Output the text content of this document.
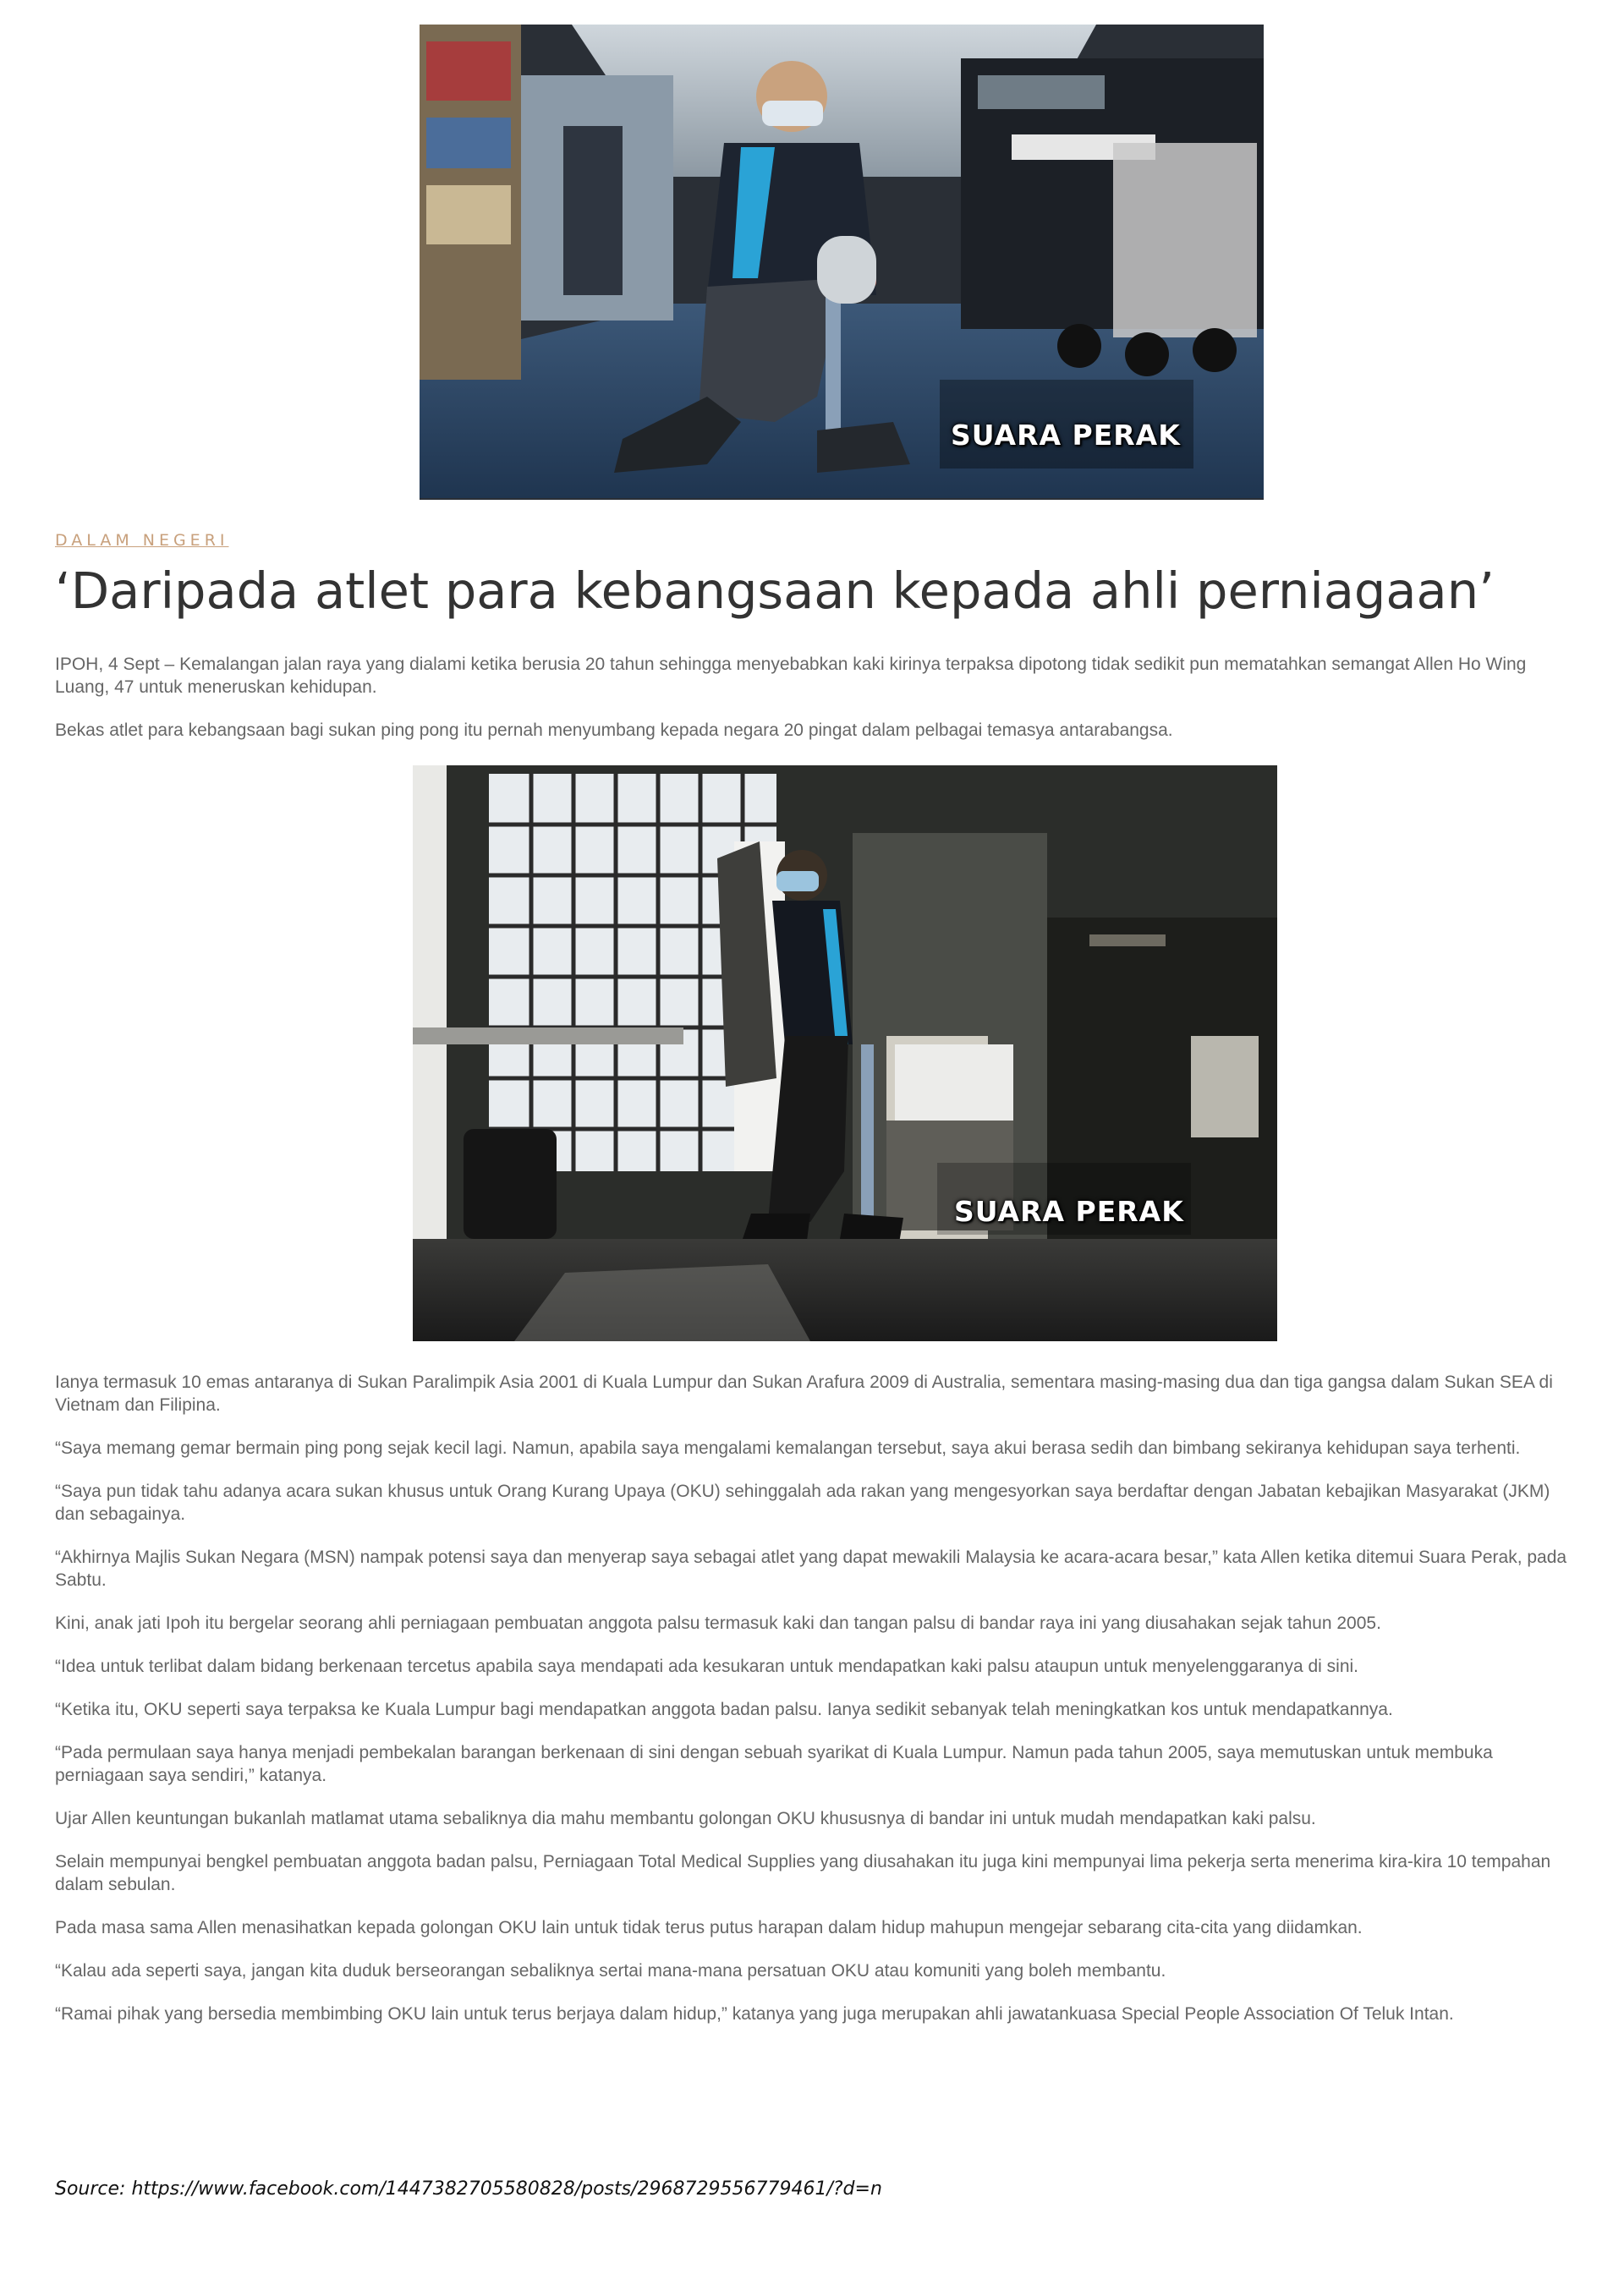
SUARA PERAK
DALAM NEGERI
‘Daripada atlet para kebangsaan kepada ahli perniagaan’

IPOH, 4 Sept – Kemalangan jalan raya yang dialami ketika berusia 20 tahun sehingga menyebabkan kaki kirinya terpaksa dipotong tidak sedikit pun mematahkan semangat Allen Ho Wing Luang, 47 untuk meneruskan kehidupan.

Bekas atlet para kebangsaan bagi sukan ping pong itu pernah menyumbang kepada negara 20 pingat dalam pelbagai temasya antarabangsa.

SUARA PERAK

Ianya termasuk 10 emas antaranya di Sukan Paralimpik Asia 2001 di Kuala Lumpur dan Sukan Arafura 2009 di Australia, sementara masing-masing dua dan tiga gangsa dalam Sukan SEA di Vietnam dan Filipina.

“Saya memang gemar bermain ping pong sejak kecil lagi. Namun, apabila saya mengalami kemalangan tersebut, saya akui berasa sedih dan bimbang sekiranya kehidupan saya terhenti.

“Saya pun tidak tahu adanya acara sukan khusus untuk Orang Kurang Upaya (OKU) sehinggalah ada rakan yang mengesyorkan saya berdaftar dengan Jabatan kebajikan Masyarakat (JKM) dan sebagainya.

“Akhirnya Majlis Sukan Negara (MSN) nampak potensi saya dan menyerap saya sebagai atlet yang dapat mewakili Malaysia ke acara-acara besar,” kata Allen ketika ditemui Suara Perak, pada Sabtu.

Kini, anak jati Ipoh itu bergelar seorang ahli perniagaan pembuatan anggota palsu termasuk kaki dan tangan palsu di bandar raya ini yang diusahakan sejak tahun 2005.

“Idea untuk terlibat dalam bidang berkenaan tercetus apabila saya mendapati ada kesukaran untuk mendapatkan kaki palsu ataupun untuk menyelenggaranya di sini.

“Ketika itu, OKU seperti saya terpaksa ke Kuala Lumpur bagi mendapatkan anggota badan palsu. Ianya sedikit sebanyak telah meningkatkan kos untuk mendapatkannya.

“Pada permulaan saya hanya menjadi pembekalan barangan berkenaan di sini dengan sebuah syarikat di Kuala Lumpur. Namun pada tahun 2005, saya memutuskan untuk membuka perniagaan saya sendiri,” katanya.

Ujar Allen keuntungan bukanlah matlamat utama sebaliknya dia mahu membantu golongan OKU khususnya di bandar ini untuk mudah mendapatkan kaki palsu.

Selain mempunyai bengkel pembuatan anggota badan palsu, Perniagaan Total Medical Supplies yang diusahakan itu juga kini mempunyai lima pekerja serta menerima kira-kira 10 tempahan dalam sebulan.

Pada masa sama Allen menasihatkan kepada golongan OKU lain untuk tidak terus putus harapan dalam hidup mahupun mengejar sebarang cita-cita yang diidamkan.

“Kalau ada seperti saya, jangan kita duduk berseorangan sebaliknya sertai mana-mana persatuan OKU atau komuniti yang boleh membantu.

“Ramai pihak yang bersedia membimbing OKU lain untuk terus berjaya dalam hidup,” katanya yang juga merupakan ahli jawatankuasa Special People Association Of Teluk Intan.

Source: https://www.facebook.com/1447382705580828/posts/2968729556779461/?d=n
